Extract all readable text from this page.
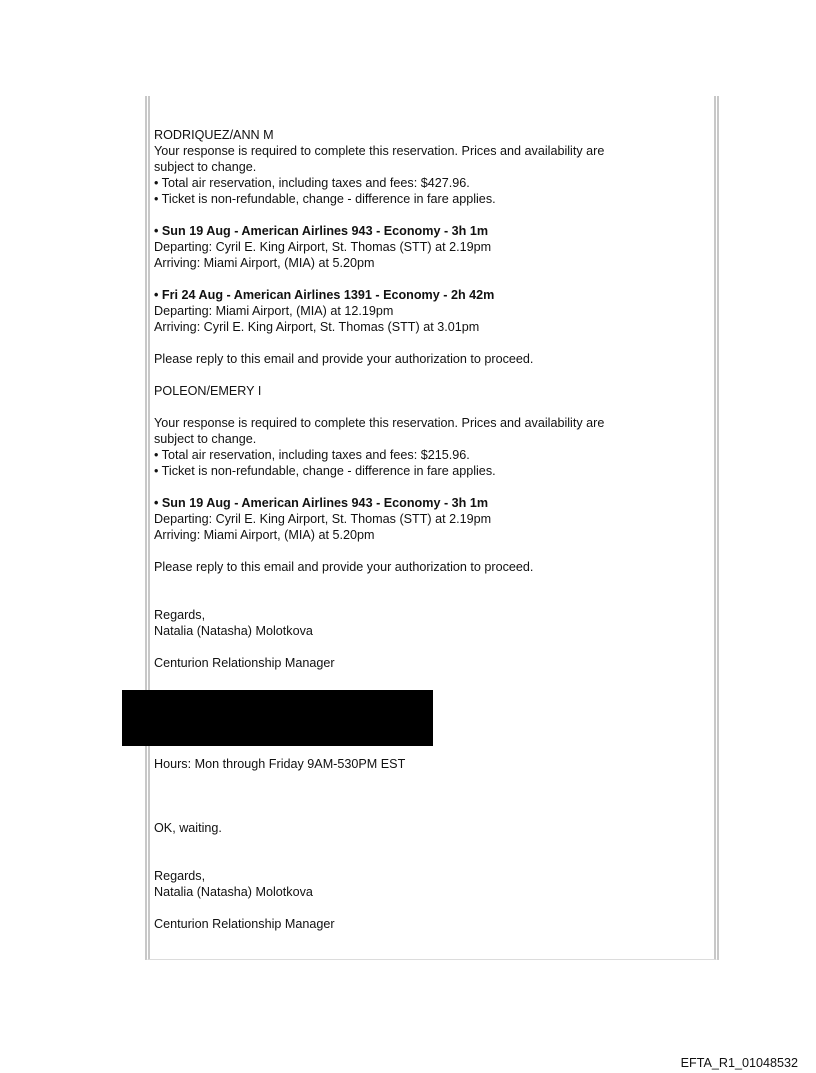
RODRIQUEZ/ANN M
Your response is required to complete this reservation. Prices and availability are
subject to change.
• Total air reservation, including taxes and fees: $427.96.
• Ticket is non-refundable, change - difference in fare applies.
• Sun 19 Aug - American Airlines 943 - Economy - 3h 1m
Departing: Cyril E. King Airport, St. Thomas (STT) at 2.19pm
Arriving: Miami Airport, (MIA) at 5.20pm
• Fri 24 Aug - American Airlines 1391 - Economy - 2h 42m
Departing: Miami Airport, (MIA) at 12.19pm
Arriving: Cyril E. King Airport, St. Thomas (STT) at 3.01pm
Please reply to this email and provide your authorization to proceed.
POLEON/EMERY I
Your response is required to complete this reservation. Prices and availability are
subject to change.
• Total air reservation, including taxes and fees: $215.96.
• Ticket is non-refundable, change - difference in fare applies.
• Sun 19 Aug - American Airlines 943 - Economy - 3h 1m
Departing: Cyril E. King Airport, St. Thomas (STT) at 2.19pm
Arriving: Miami Airport, (MIA) at 5.20pm
Please reply to this email and provide your authorization to proceed.
Regards,
Natalia (Natasha) Molotkova
Centurion Relationship Manager
Hours: Mon through Friday 9AM-530PM EST
OK, waiting.
Regards,
Natalia (Natasha) Molotkova
Centurion Relationship Manager
EFTA_R1_01048532
